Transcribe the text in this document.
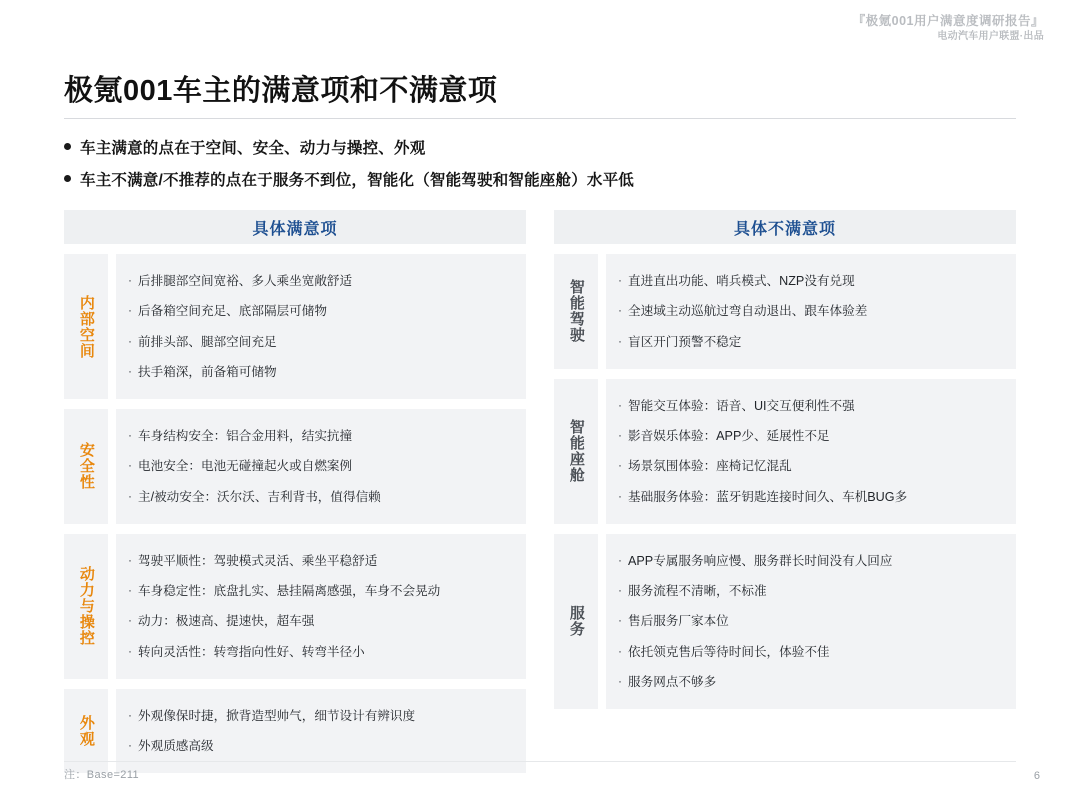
『极氪001用户满意度调研报告』
电动汽车用户联盟·出品
极氪001车主的满意项和不满意项
车主满意的点在于空间、安全、动力与操控、外观
车主不满意/不推荐的点在于服务不到位，智能化（智能驾驶和智能座舱）水平低
具体满意项
内部空间
· 后排腿部空间宽裕、多人乘坐宽敞舒适
· 后备箱空间充足、底部隔层可储物
· 前排头部、腿部空间充足
· 扶手箱深，前备箱可储物
安全性
· 车身结构安全：铝合金用料，结实抗撞
· 电池安全：电池无碰撞起火或自燃案例
· 主/被动安全：沃尔沃、吉利背书，值得信赖
动力与操控
· 驾驶平顺性：驾驶模式灵活、乘坐平稳舒适
· 车身稳定性：底盘扎实、悬挂隔离感强，车身不会晃动
· 动力：极速高、提速快，超车强
· 转向灵活性：转弯指向性好、转弯半径小
外观
· 外观像保时捷，掀背造型帅气，细节设计有辨识度
· 外观质感高级
具体不满意项
智能驾驶	· 直进直出功能、哨兵模式、NZP没有兑现
· 全速域主动巡航过弯自动退出、跟车体验差
· 盲区开门预警不稳定
智能座舱
· 智能交互体验：语音、UI交互便利性不强
· 影音娱乐体验：APP少、延展性不足
· 场景氛围体验：座椅记忆混乱
· 基础服务体验：蓝牙钥匙连接时间久、车机BUG多
服务
· APP专属服务响应慢、服务群长时间没有人回应
· 服务流程不清晰，不标准
· 售后服务厂家本位
· 依托领克售后等待时间长，体验不佳
· 服务网点不够多
注：Base=211	6
